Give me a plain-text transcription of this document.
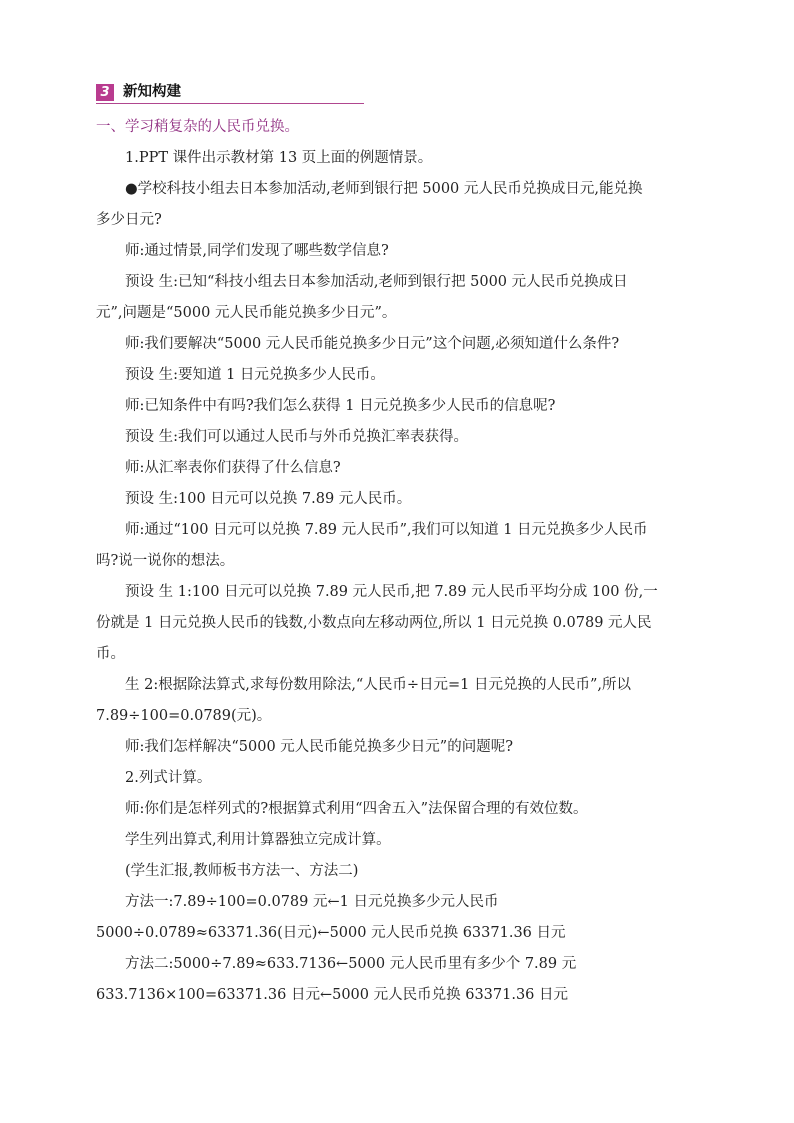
3 新知构建
一、学习稍复杂的人民币兑换。
1.PPT 课件出示教材第 13 页上面的例题情景。
●学校科技小组去日本参加活动,老师到银行把 5000 元人民币兑换成日元,能兑换
多少日元?
师:通过情景,同学们发现了哪些数学信息?
预设 生:已知“科技小组去日本参加活动,老师到银行把 5000 元人民币兑换成日
元”,问题是“5000 元人民币能兑换多少日元”。
师:我们要解决“5000 元人民币能兑换多少日元”这个问题,必须知道什么条件?
预设 生:要知道 1 日元兑换多少人民币。
师:已知条件中有吗?我们怎么获得 1 日元兑换多少人民币的信息呢?
预设 生:我们可以通过人民币与外币兑换汇率表获得。
师:从汇率表你们获得了什么信息?
预设 生:100 日元可以兑换 7.89 元人民币。
师:通过“100 日元可以兑换 7.89 元人民币”,我们可以知道 1 日元兑换多少人民币
吗?说一说你的想法。
预设 生 1:100 日元可以兑换 7.89 元人民币,把 7.89 元人民币平均分成 100 份,一
份就是 1 日元兑换人民币的钱数,小数点向左移动两位,所以 1 日元兑换 0.0789 元人民
币。
生 2:根据除法算式,求每份数用除法,“人民币÷日元=1 日元兑换的人民币”,所以
7.89÷100=0.0789(元)。
师:我们怎样解决“5000 元人民币能兑换多少日元”的问题呢?
2.列式计算。
师:你们是怎样列式的?根据算式利用“四舍五入”法保留合理的有效位数。
学生列出算式,利用计算器独立完成计算。
(学生汇报,教师板书方法一、方法二)
方法一:7.89÷100=0.0789 元←1 日元兑换多少元人民币
5000÷0.0789≈63371.36(日元)←5000 元人民币兑换 63371.36 日元
方法二:5000÷7.89≈633.7136←5000 元人民币里有多少个 7.89 元
633.7136×100=63371.36 日元←5000 元人民币兑换 63371.36 日元
